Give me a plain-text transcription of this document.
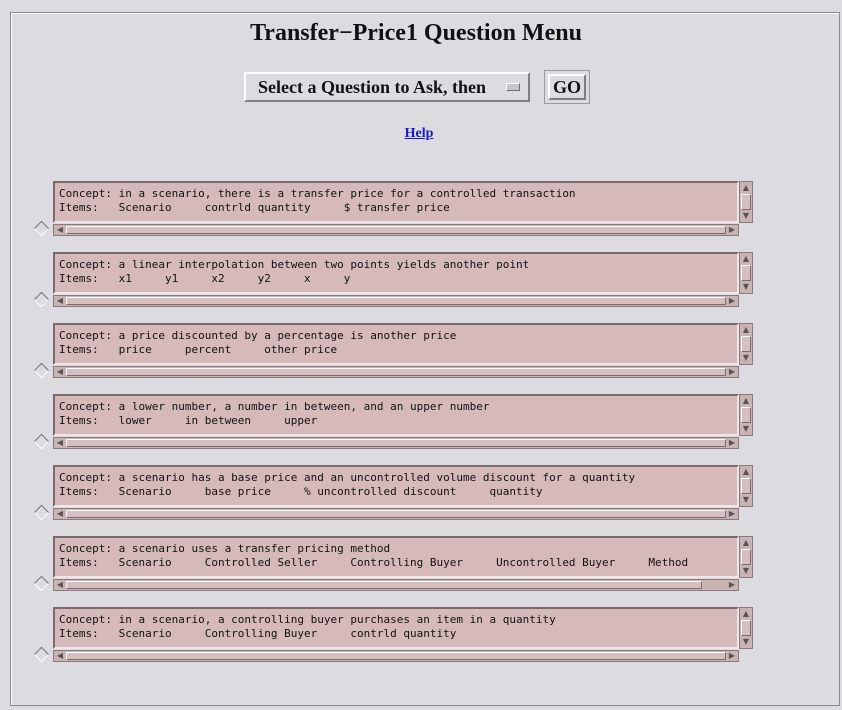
Transfer−Price1 Question Menu
Select a Question to Ask, then	GO
Help
Concept: in a scenario, there is a transfer price for a controlled transaction
Items:   Scenario     contrld quantity     $ transfer price
▲
▼
◀	▶
Concept: a linear interpolation between two points yields another point
Items:   x1     y1     x2     y2     x     y
▲
▼
◀	▶
Concept: a price discounted by a percentage is another price
Items:   price     percent     other price
▲
▼
◀	▶
Concept: a lower number, a number in between, and an upper number
Items:   lower     in between     upper
▲
▼
◀	▶
Concept: a scenario has a base price and an uncontrolled volume discount for a quantity
Items:   Scenario     base price     % uncontrolled discount     quantity
▲
▼
◀	▶
Concept: a scenario uses a transfer pricing method
Items:   Scenario     Controlled Seller     Controlling Buyer     Uncontrolled Buyer     Method
▲
▼
◀	▶
Concept: in a scenario, a controlling buyer purchases an item in a quantity
Items:   Scenario     Controlling Buyer     contrld quantity
▲
▼
◀	▶
